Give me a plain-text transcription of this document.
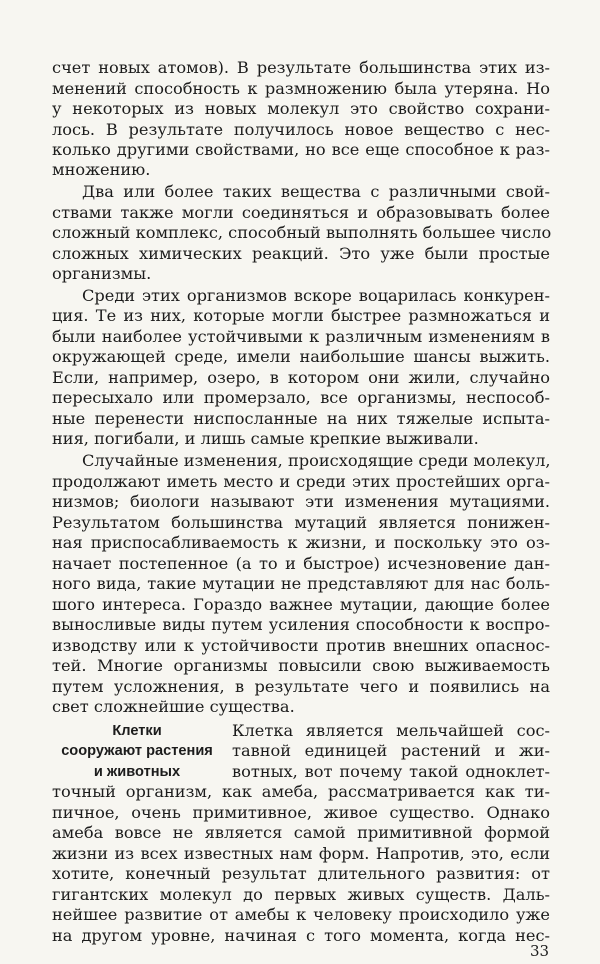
счет новых атомов). В результате большинства этих из-
менений способность к размножению была утеряна. Но
у некоторых из новых молекул это свойство сохрани-
лось. В результате получилось новое вещество с нес-
колько другими свойствами, но все еще способное к раз-
множению.
Два или более таких вещества с различными свой-
ствами также могли соединяться и образовывать более
сложный комплекс, способный выполнять большее число
сложных химических реакций. Это уже были простые
организмы.
Среди этих организмов вскоре воцарилась конкурен-
ция. Те из них, которые могли быстрее размножаться и
были наиболее устойчивыми к различным изменениям в
окружающей среде, имели наибольшие шансы выжить.
Если, например, озеро, в котором они жили, случайно
пересыхало или промерзало, все организмы, неспособ-
ные перенести ниспосланные на них тяжелые испыта-
ния, погибали, и лишь самые крепкие выживали.
Случайные изменения, происходящие среди молекул,
продолжают иметь место и среди этих простейших орга-
низмов; биологи называют эти изменения мутациями.
Результатом большинства мутаций является понижен-
ная приспосабливаемость к жизни, и поскольку это оз-
начает постепенное (а то и быстрое) исчезновение дан-
ного вида, такие мутации не представляют для нас боль-
шого интереса. Гораздо важнее мутации, дающие более
выносливые виды путем усиления способности к воспро-
изводству или к устойчивости против внешних опаснос-
тей. Многие организмы повысили свою выживаемость
путем усложнения, в результате чего и появились на
свет сложнейшие существа.
Клетки
сооружают растения
и животных
Клетка является мельчайшей сос-
тавной единицей растений и жи-
вотных, вот почему такой одноклет-
точный организм, как амеба, рассматривается как ти-
пичное, очень примитивное, живое существо. Однако
амеба вовсе не является самой примитивной формой
жизни из всех известных нам форм. Напротив, это, если
хотите, конечный результат длительного развития: от
гигантских молекул до первых живых существ. Даль-
нейшее развитие от амебы к человеку происходило уже
на другом уровне, начиная с того момента, когда нес-
33
